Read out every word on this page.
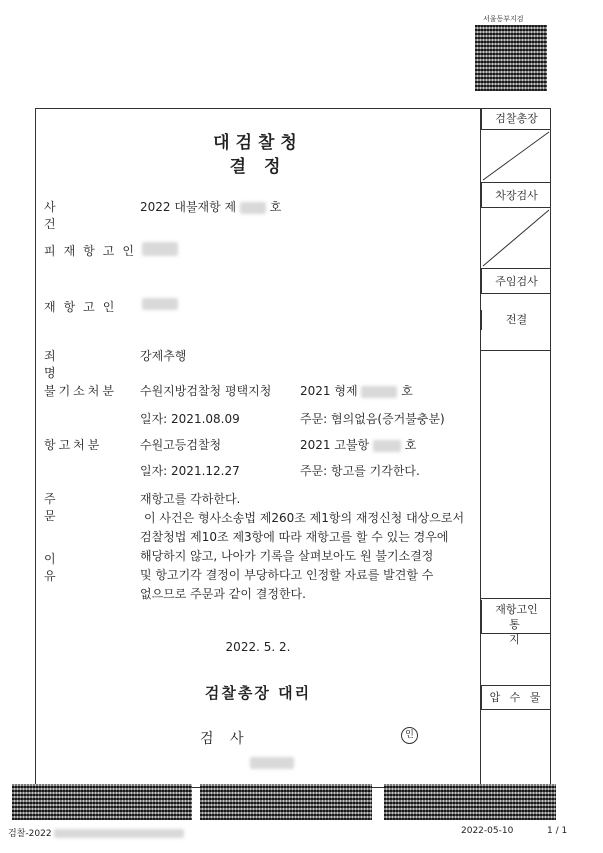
서울동부지검
대검찰청
결 정
사 건
2022 대불재항 제	호
피재항고인
재항고인
죄 명
강제추행
불기소처분 수원지방검찰청 평택지청 2021 형제	호
일자: 2021.08.09	주문: 혐의없음(증거불충분)
항고처분	수원고등검찰청	2021 고불항	호
일자: 2021.12.27	주문: 항고를 기각한다.
주 문
재항고를 각하한다.
이 유
이 사건은 형사소송법 제260조 제1항의 재정신청 대상으로서
검찰청법 제10조 제3항에 따라 재항고를 할 수 있는 경우에
해당하지 않고, 나아가 기록을 살펴보아도 원 불기소결정
및 항고기각 결정이 부당하다고 인정할 자료를 발견할 수
없으므로 주문과 같이 결정한다.
2022. 5. 2.
검찰총장 대리
검 사	인
검찰총장
차장검사
주임검사
전결
재항고인
통 지
압 수 물
검찰-2022	2022-05-10	1 / 1
